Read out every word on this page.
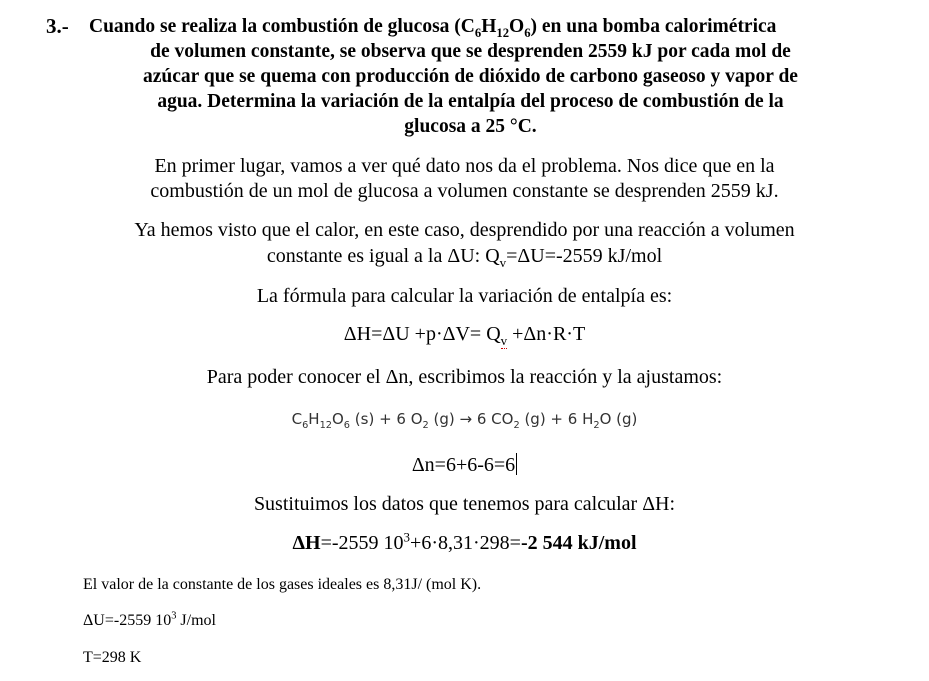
3.- Cuando se realiza la combustión de glucosa $(C_6H_{12}O_6)$ en una bomba calorimétrica
de volumen constante, se observa que se desprenden 2559 kJ por cada mol de
azúcar que se quema con producción de dióxido de carbono gaseoso y vapor de
agua. Determina la variación de la entalpía del proceso de combustión de la
glucosa a 25 °C.
En primer lugar, vamos a ver qué dato nos da el problema. Nos dice que en la
combustión de un mol de glucosa a volumen constante se desprenden 2559 kJ.
Ya hemos visto que el calor, en este caso, desprendido por una reacción a volumen
constante es igual a la ΔU: $Q_v=\Delta U=-2559$ kJ/mol
La fórmula para calcular la variación de entalpía es:
$\Delta H=\Delta U +p\cdot\Delta V= Q_v +\Delta n\cdot R\cdot T$
Para poder conocer el Δn, escribimos la reacción y la ajustamos:
$C_6H_{12}O_6$ (s) + 6 $O_2$ (g) → 6 $CO_2$ (g) + 6 $H_2O$ (g)
Δn=6+6-6=6
Sustituimos los datos que tenemos para calcular ΔH:
ΔH=-2559 $10^3+6\cdot 8,31\cdot 298=-2$ 544 kJ/mol
El valor de la constante de los gases ideales es 8,31J/ (mol K).
ΔU=-2559 $10^3$ J/mol
T=298 K
